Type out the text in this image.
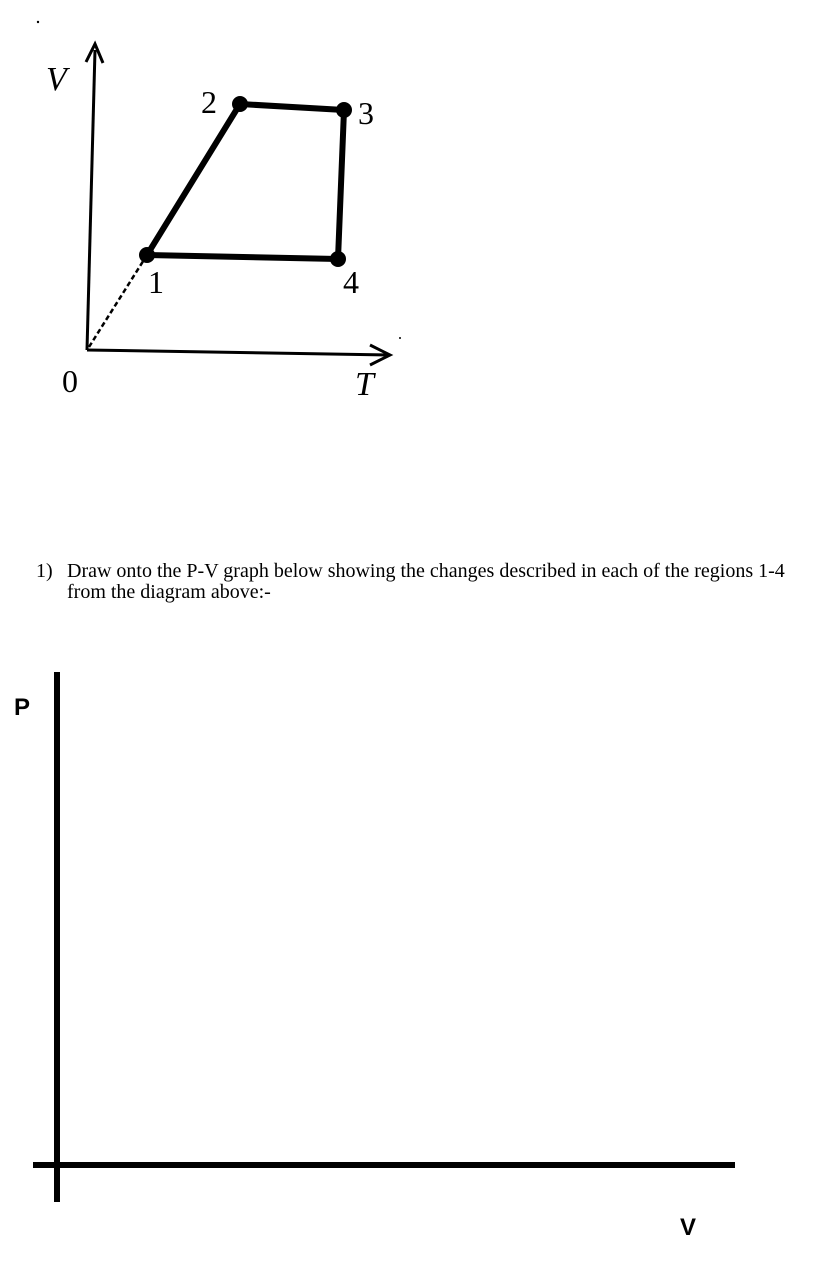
V
T
0
1
2	3
4
1) Draw onto the P-V graph below showing the changes described in each of the regions 1-4
from the diagram above:-
P
V
